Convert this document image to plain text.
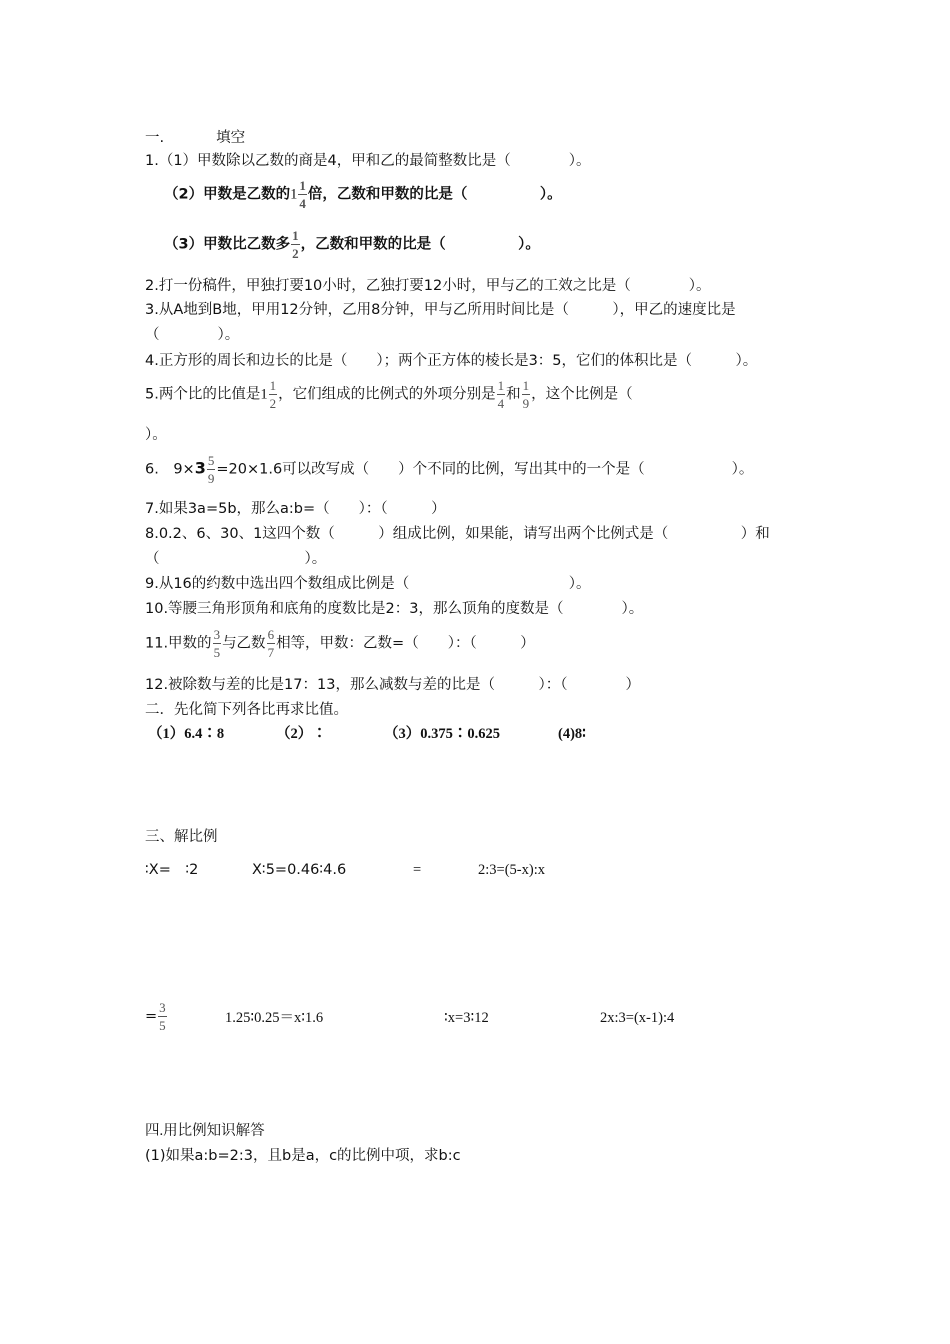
一.	填空
1.（1）甲数除以乙数的商是4，甲和乙的最简整数比是（　　　　）。
（2）甲数是乙数的$1 \frac{1}{4}$ 倍，乙数和甲数的比是（　　　　　）。
（3）甲数比乙数多 $\frac{1}{2}$ ，乙数和甲数的比是（　　　　　）。
2.打一份稿件，甲独打要10小时，乙独打要12小时，甲与乙的工效之比是（　　　　）。
3.从A地到B地，甲用12分钟，乙用8分钟，甲与乙所用时间比是（　　　），甲乙的速度比是
（　　　　）。
4.正方形的周长和边长的比是（　　）；两个正方体的棱长是3：5，它们的体积比是（　　　）。
5.两个比的比值是$1 \frac{1}{2}$ ，它们组成的比例式的外项分别是 $\frac{1}{4}$ 和 $\frac{1}{9}$ ，这个比例是（
）。
6.　$9\times 3 \frac{5}{9} =20\times 1.6$可以改写成（　　）个不同的比例，写出其中的一个是（　　　　　　）。
7.如果3a=5b，那么a:b=（　　）：（　　　）
8.0.2、6、30、1这四个数（　　　）组成比例，如果能，请写出两个比例式是（　　　　　）和
（　　　　　　　　　　）。
9.从16的约数中选出四个数组成比例是（　　　　　　　　　　　）。
10.等腰三角形顶角和底角的度数比是2：3，那么顶角的度数是（　　　　）。
11.甲数的 $\frac{3}{5}$ 与乙数 $\frac{6}{7}$ 相等，甲数：乙数=（　　）：（　　　）
12.被除数与差的比是17：13，那么减数与差的比是（　　　）：（　　　　）
二．先化简下列各比再求比值。
（1）6.4∶8	（2）∶	（3）0.375∶0.625	(4)8∶
三、解比例
∶X=　∶2	X∶5=0.46∶4.6	=	2:3=(5-x):x
= $\frac{3}{5}$	1.25∶0.25＝x∶1.6	∶x=3∶12	2x:3=(x-1):4
四.用比例知识解答
(1)如果a:b=2:3，且b是a，c的比例中项，求b:c
